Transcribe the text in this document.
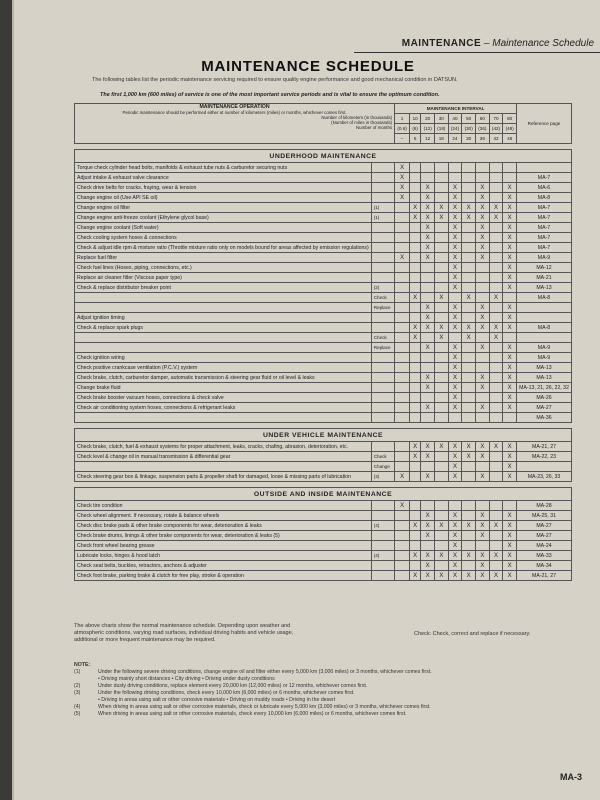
MAINTENANCE – Maintenance Schedule
MAINTENANCE SCHEDULE
The following tables list the periodic maintenance servicing required to ensure quality engine performance and good mechanical condition in DATSUN.
The first 1,000 km (600 miles) of service is one of the most important service periods and is vital to ensure the optimum condition.
MAINTENANCE OPERATION
Periodic maintenance should be performed either at number of kilometers (miles) or months, whichever comes first.
Number of kilometers (in thousands)
(Number of miles in thousands)
Number of months		MAINTENANCE INTERVAL									Reference page
		1	10	20	30	40	50	60	70	80	
		(0.6)	(6)	(12)	(18)	(24)	(30)	(36)	(42)	(48)	
		–	6	12	18	24	30	36	42	48	

UNDERHOOD MAINTENANCE											
Torque check cylinder head bolts, manifolds & exhaust tube nuts & carburetor securing nuts		X									
Adjust intake & exhaust valve clearance		X									MA-7
Check drive belts for cracks, fraying, wear & tension		X		X		X		X		X	MA-6
Change engine oil (Use API SE oil)		X		X		X		X		X	MA-8
Change engine oil filter	(1)		X	X	X	X	X	X	X	X	MA-7
Change engine anti-freeze coolant (Ethylene glycol base)	(1)		X	X	X	X	X	X	X	X	MA-7
Change engine coolant (Soft water)				X		X		X		X	MA-7
Check cooling system hoses & connections				X		X		X		X	MA-7
Check & adjust idle rpm & mixture ratio (Throttle mixture ratio only on models bound for areas affected by emission regulations)				X		X		X		X	MA-7
Replace fuel filter		X		X		X		X		X	MA-9
Check fuel lines (Hoses, piping, connections, etc.)						X				X	MA-12
Replace air cleaner filter (Viscous paper type)						X				X	MA-21
Check & replace distributor breaker point	(2)					X				X	MA-13
	Check		X		X		X		X		MA-8
	Replace			X		X		X		X	
Adjust ignition timing				X		X		X		X	
Check & replace spark plugs			X	X	X	X	X	X	X	X	MA-8
	Check		X		X		X		X		
	Replace			X		X		X		X	MA-9
Check ignition wiring						X				X	MA-9
Check positive crankcase ventilation (P.C.V.) system						X				X	MA-13
Check brake, clutch, carburetor damper, automatic transmission & steering gear fluid or oil level & leaks				X		X		X		X	MA-13
Change brake fluid				X		X		X		X	MA-13, 21, 26, 22, 32
Check brake booster vacuum hoses, connections & check valve						X				X	MA-26
Check air conditioning system hoses, connections & refrigerant leaks				X		X		X		X	MA-27
											MA-36

UNDER VEHICLE MAINTENANCE											
Check brake, clutch, fuel & exhaust systems for proper attachment, leaks, cracks, chafing, abrasion, deterioration, etc.			X	X	X	X	X	X	X	X	MA-21, 27
Check level & change oil in manual transmission & differential gear	Check		X	X		X	X	X		X	MA-22, 23
	Change					X				X	
Check steering gear box & linkage, suspension parts & propeller shaft for damaged, loose & missing parts of lubrication	(3)	X		X		X		X		X	MA-23, 26, 33

OUTSIDE AND INSIDE MAINTENANCE											
Check tire condition		X									MA-28
Check wheel alignment. If necessary, rotate & balance wheels				X		X		X		X	MA-25, 31
Check disc brake pads & other brake components for wear, deterioration & leaks	(4)		X	X	X	X	X	X	X	X	MA-27
Check brake drums, linings & other brake components for wear, deterioration & leaks (5)				X		X		X		X	MA-27
Check front wheel bearing grease						X				X	MA-24
Lubricate locks, hinges & hood latch	(4)		X	X	X	X	X	X	X	X	MA-33
Check seat belts, buckles, retractors, anchors & adjuster				X		X		X		X	MA-34
Check foot brake, parking brake & clutch for free play, stroke & operation			X	X	X	X	X	X	X	X	MA-21, 27
The above charts show the normal maintenance schedule. Depending upon weather and atmospheric conditions, varying road surfaces, individual driving habits and vehicle usage, additional or more frequent maintenance may be required.
Check: Check, correct and replace if necessary.
NOTE:
(1)	Under the following severe driving conditions, change engine oil and filter either every 5,000 km (3,000 miles) or 3 months, whichever comes first.
• Driving mainly short distances • City driving • Driving under dusty conditions
(2)	Under dusty driving conditions, replace element every 20,000 km (12,000 miles) or 12 months, whichever comes first.
(3)	Under the following driving conditions, check every 10,000 km (6,000 miles) or 6 months, whichever comes first.
• Driving in areas using salt or other corrosive materials • Driving on muddy roads • Driving in the desert
(4)	When driving in areas using salt or other corrosive materials, check or lubricate every 5,000 km (3,000 miles) or 3 months, whichever comes first.
(5)	When driving in areas using salt or other corrosive materials, check every 10,000 km (6,000 miles) or 6 months, whichever comes first.
MA-3
